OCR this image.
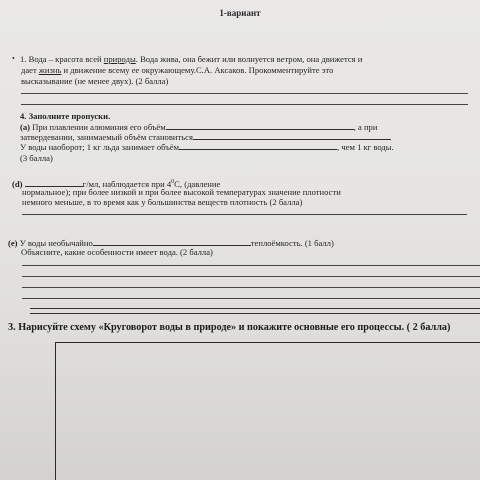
1-вариант
• 1. Вода – красота всей природы. Вода жива, она бежит или волнуется ветром, она движется и
дает жизнь и движение всему ее окружающему.С.А. Аксаков. Прокомментируйте это
высказывание (не менее двух). (2 балла)
4. Заполните пропуски.
(a) При плавлении алюминия его объём	, а при
затвердевании, занимаемый объём становиться
У воды наоборот; 1 кг льда занимает объём	, чем 1 кг воды.
(3 балла)
(d)	г/мл, наблюдается при $4^0С$, (давление
нормальное); при более низкой и при более высокой температурах значение плотности
немного меньше, в то время как у большинства веществ плотность (2 балла)
(e) У воды необычайно	теплоёмкость. (1 балл)
Объясните, какие особенности имеет вода. (2 балла)
3. Нарисуйте схему «Круговорот воды в природе» и покажите основные его процессы. ( 2 балла)
